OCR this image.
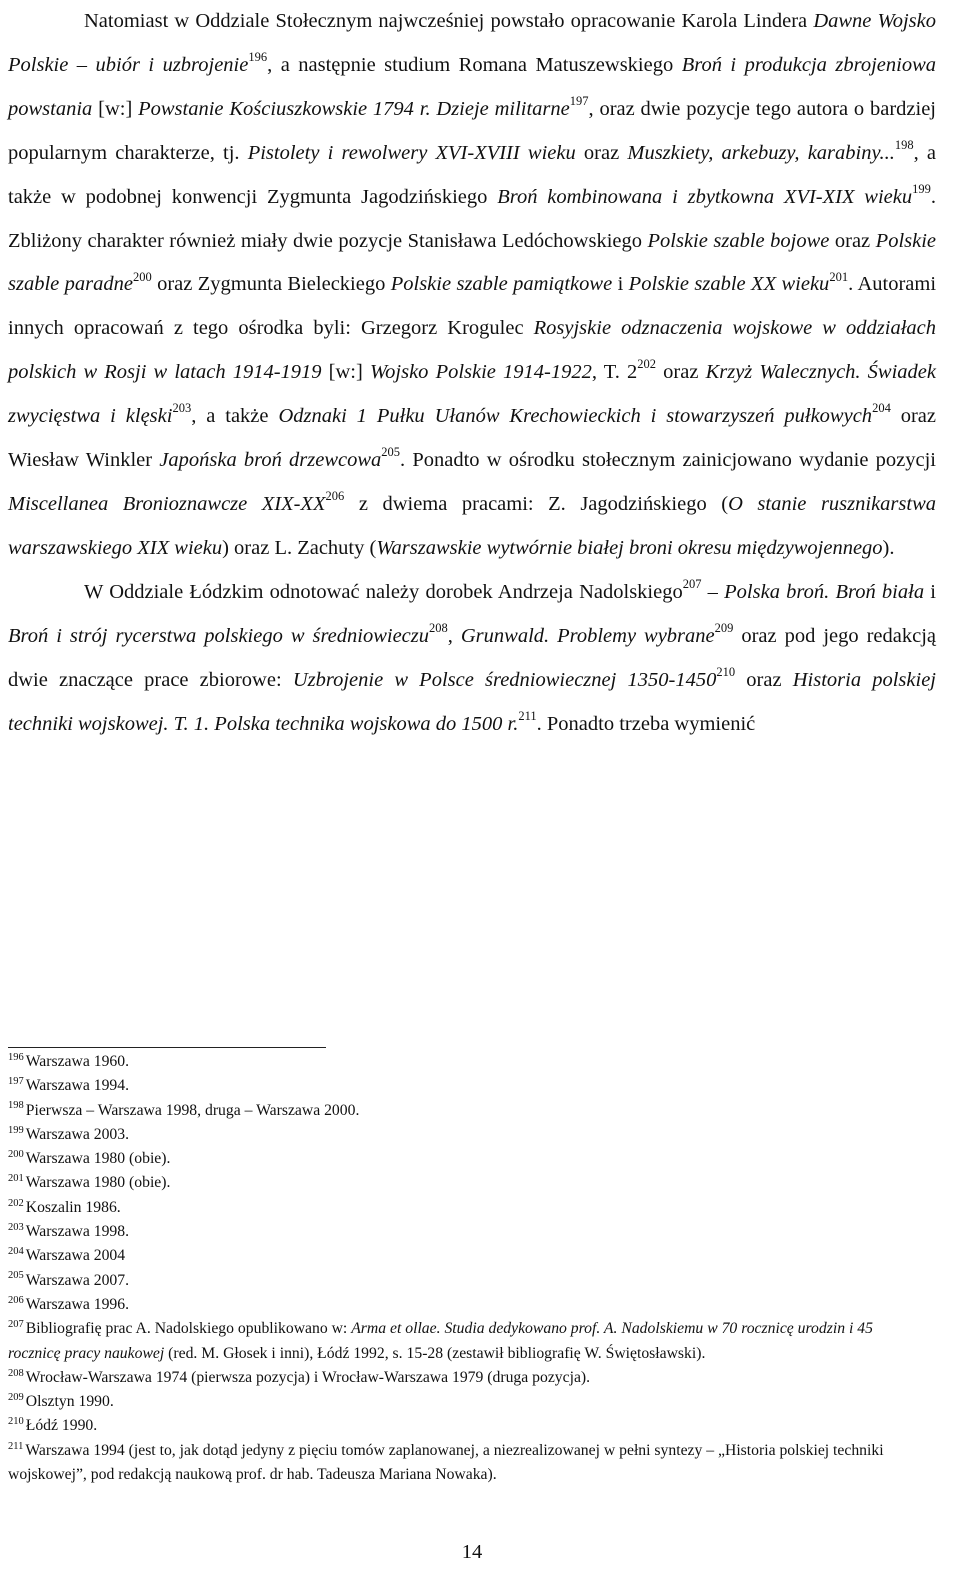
Natomiast w Oddziale Stołecznym najwcześniej powstało opracowanie Karola Lindera Dawne Wojsko Polskie – ubiór i uzbrojenie$^{196}$, a następnie studium Romana Matuszewskiego Broń i produkcja zbrojeniowa powstania [w:] Powstanie Kościuszkowskie 1794 r. Dzieje militarne$^{197}$, oraz dwie pozycje tego autora o bardziej popularnym charakterze, tj. Pistolety i rewolwery XVI-XVIII wieku oraz Muszkiety, arkebuzy, karabiny...$^{198}$, a także w podobnej konwencji Zygmunta Jagodzińskiego Broń kombinowana i zbytkowna XVI-XIX wieku$^{199}$. Zbliżony charakter również miały dwie pozycje Stanisława Ledóchowskiego Polskie szable bojowe oraz Polskie szable paradne$^{200}$ oraz Zygmunta Bieleckiego Polskie szable pamiątkowe i Polskie szable XX wieku$^{201}$. Autorami innych opracowań z tego ośrodka byli: Grzegorz Krogulec Rosyjskie odznaczenia wojskowe w oddziałach polskich w Rosji w latach 1914-1919 [w:] Wojsko Polskie 1914-1922, T. $2^{202}$ oraz Krzyż Walecznych. Świadek zwycięstwa i klęski$^{203}$, a także Odznaki 1 Pułku Ułanów Krechowieckich i stowarzyszeń pułkowych$^{204}$ oraz Wiesław Winkler Japońska broń drzewcowa$^{205}$. Ponadto w ośrodku stołecznym zainicjowano wydanie pozycji Miscellanea Bronioznawcze XIX-XX$^{206}$ z dwiema pracami: Z. Jagodzińskiego (O stanie rusznikarstwa warszawskiego XIX wieku) oraz L. Zachuty (Warszawskie wytwórnie białej broni okresu międzywojennego).

W Oddziale Łódzkim odnotować należy dorobek Andrzeja Nadolskiego$^{207}$ – Polska broń. Broń biała i Broń i strój rycerstwa polskiego w średniowieczu$^{208}$, Grunwald. Problemy wybrane$^{209}$ oraz pod jego redakcją dwie znaczące prace zbiorowe: Uzbrojenie w Polsce średniowiecznej 1350-1450$^{210}$ oraz Historia polskiej techniki wojskowej. T. 1. Polska technika wojskowa do 1500 r.$^{211}$. Ponadto trzeba wymienić

$^{196}$ Warszawa 1960.

$^{197}$ Warszawa 1994.

$^{198}$ Pierwsza – Warszawa 1998, druga – Warszawa 2000.

$^{199}$ Warszawa 2003.

$^{200}$ Warszawa 1980 (obie).

$^{201}$ Warszawa 1980 (obie).

$^{202}$ Koszalin 1986.

$^{203}$ Warszawa 1998.

$^{204}$ Warszawa 2004

$^{205}$ Warszawa 2007.

$^{206}$ Warszawa 1996.

$^{207}$ Bibliografię prac A. Nadolskiego opublikowano w: Arma et ollae. Studia dedykowano prof. A. Nadolskiemu w 70 rocznicę urodzin i 45 rocznicę pracy naukowej (red. M. Głosek i inni), Łódź 1992, s. 15-28 (zestawił bibliografię W. Świętosławski).

$^{208}$ Wrocław-Warszawa 1974 (pierwsza pozycja) i Wrocław-Warszawa 1979 (druga pozycja).

$^{209}$ Olsztyn 1990.

$^{210}$ Łódź 1990.

$^{211}$ Warszawa 1994 (jest to, jak dotąd jedyny z pięciu tomów zaplanowanej, a niezrealizowanej w pełni syntezy – „Historia polskiej techniki wojskowej”, pod redakcją naukową prof. dr hab. Tadeusza Mariana Nowaka).

14
